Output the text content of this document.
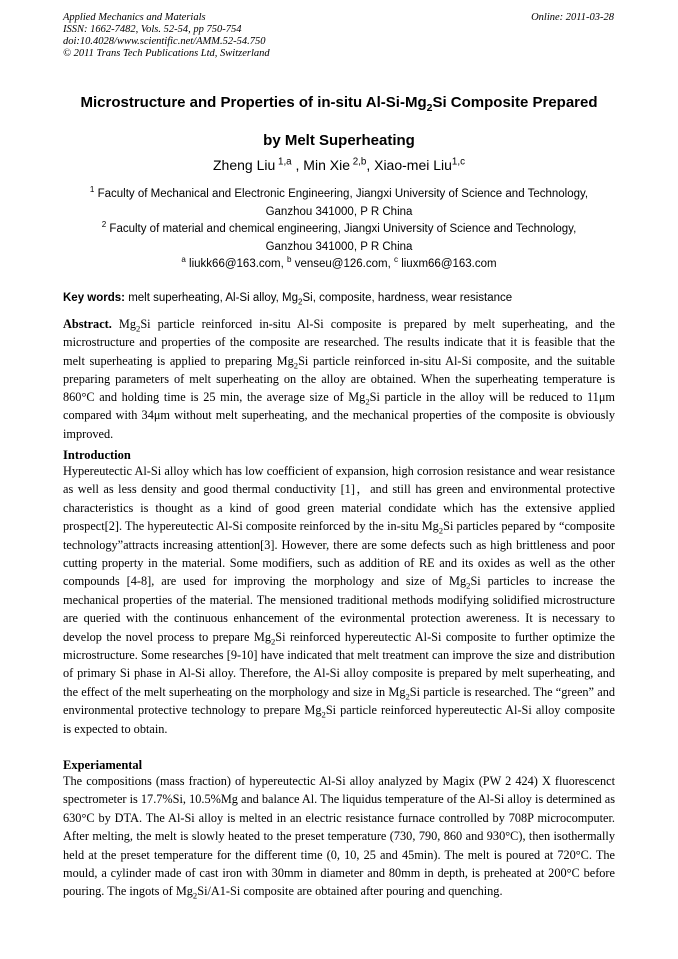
Applied Mechanics and Materials
ISSN: 1662-7482, Vols. 52-54, pp 750-754
doi:10.4028/www.scientific.net/AMM.52-54.750
© 2011 Trans Tech Publications Ltd, Switzerland
Online: 2011-03-28
Microstructure and Properties of in-situ $Al-Si-Mg_2Si$ Composite Prepared
by Melt Superheating
Zheng Liu $^{1,a}$ , Min Xie $^{2,b}$, Xiao-mei Liu$^{1,c}$
$^1$ Faculty of Mechanical and Electronic Engineering, Jiangxi University of Science and Technology,
Ganzhou 341000, P R China
$^2$ Faculty of material and chemical engineering, Jiangxi University of Science and Technology,
Ganzhou 341000, P R China
$^a$ liukk66@163.com, $^b$ venseu@126.com, $^c$ liuxm66@163.com
Key words: melt superheating, Al-Si alloy, $Mg_2Si$, composite, hardness, wear resistance
Abstract. $Mg_2Si$ particle reinforced in-situ Al-Si composite is prepared by melt superheating, and the microstructure and properties of the composite are researched. The results indicate that it is feasible that the melt superheating is applied to preparing $Mg_2Si$ particle reinforced in-situ Al-Si composite, and the suitable preparing parameters of melt superheating on the alloy are obtained. When the superheating temperature is 860°C and holding time is 25 min, the average size of $Mg_2Si$ particle in the alloy will be reduced to 11μm compared with 34μm without melt superheating, and the mechanical properties of the composite is obviously improved.
Introduction
Hypereutectic Al-Si alloy which has low coefficient of expansion, high corrosion resistance and wear resistance as well as less density and good thermal conductivity [1]，and still has green and environmental protective characteristics is thought as a kind of good green material condidate which has the extensive applied prospect[2]. The hypereutectic Al-Si composite reinforced by the in-situ $Mg_2Si$ particles pepared by “composite technology”attracts increasing attention[3]. However, there are some defects such as high brittleness and poor cutting property in the material. Some modifiers, such as addition of RE and its oxides as well as the other compounds [4-8], are used for improving the morphology and size of $Mg_2Si$ particles to increase the mechanical properties of the material. The mensioned traditional methods modifying solidified microstructure are queried with the continuous enhancement of the evironmental protection awereness. It is necessary to develop the novel process to prepare $Mg_2Si$ reinforced hypereutectic Al-Si composite to further optimize the microstructure. Some researches [9-10] have indicated that melt treatment can improve the size and distribution of primary Si phase in Al-Si alloy. Therefore, the Al-Si alloy composite is prepared by melt superheating, and the effect of the melt superheating on the morphology and size in $Mg_2Si$ particle is researched. The “green” and environmental protective technology to prepare $Mg_2Si$ particle reinforced hypereutectic Al-Si alloy composite is expected to obtain.
Experiamental
The compositions (mass fraction) of hypereutectic Al-Si alloy analyzed by Magix (PW 2 424) X fluorescenct spectrometer is 17.7%Si, 10.5%Mg and balance Al. The liquidus temperature of the Al-Si alloy is determined as 630°C by DTA. The Al-Si alloy is melted in an electric resistance furnace controlled by 708P microcomputer. After melting, the melt is slowly heated to the preset temperature (730, 790, 860 and 930°C), then isothermally held at the preset temperature for the different time (0, 10, 25 and 45min). The melt is poured at 720°C. The mould, a cylinder made of cast iron with 30mm in diameter and 80mm in depth, is preheated at 200°C before pouring. The ingots of $Mg_2Si/A1-Si$ composite are obtained after pouring and quenching.
